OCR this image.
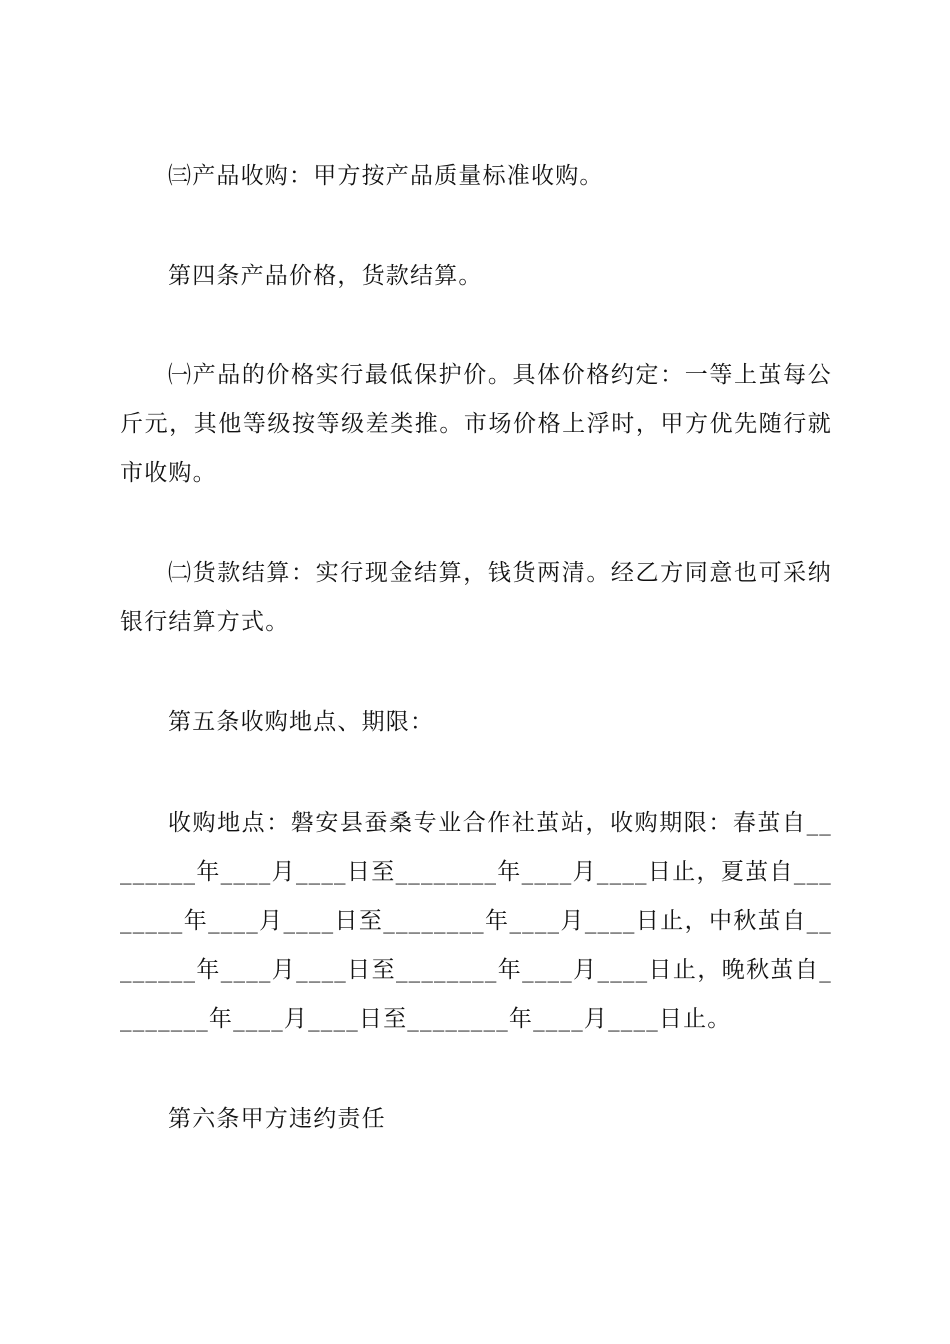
㈢产品收购：甲方按产品质量标准收购。

第四条产品价格，货款结算。

㈠产品的价格实行最低保护价。具体价格约定：一等上茧每公斤元，其他等级按等级差类推。市场价格上浮时，甲方优先随行就市收购。

㈡货款结算：实行现金结算，钱货两清。经乙方同意也可采纳银行结算方式。

第五条收购地点、期限：

收购地点：磐安县蚕桑专业合作社茧站，收购期限：春茧自________年____月____日至________年____月____日止，夏茧自________年____月____日至________年____月____日止，中秋茧自________年____月____日至________年____月____日止，晚秋茧自________年____月____日至________年____月____日止。

第六条甲方违约责任
